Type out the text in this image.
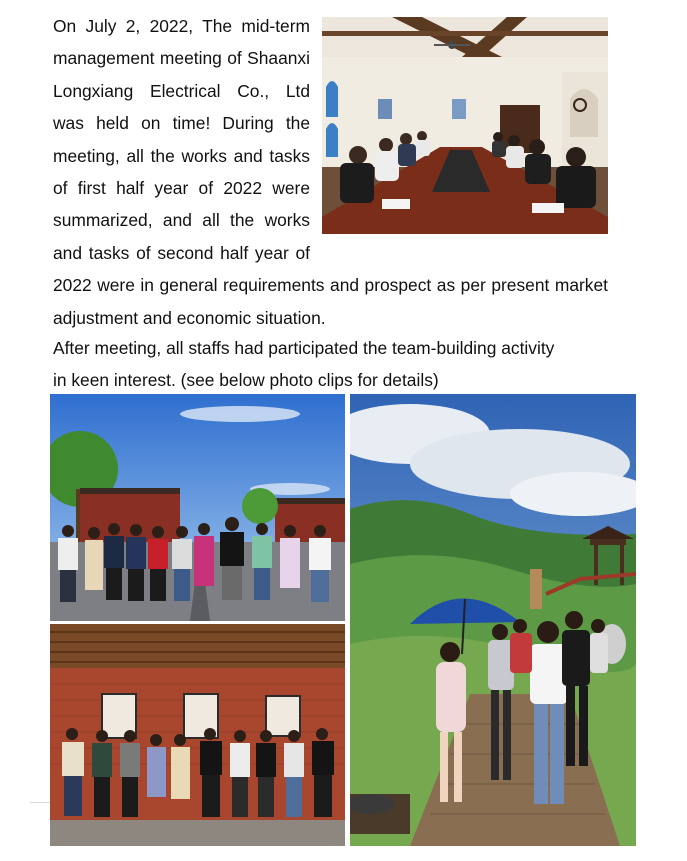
On July 2, 2022, The mid-term management meeting of Shaanxi Longxiang Electrical Co., Ltd was held on time! During the meeting, all the works and tasks of first half year of 2022 were summarized, and all the works and tasks of second half year of 2022 were in general requirements and prospect as per present market adjustment and economic situation.

After meeting, all staffs had participated the team-building activity

in keen interest. (see below photo clips for details)
